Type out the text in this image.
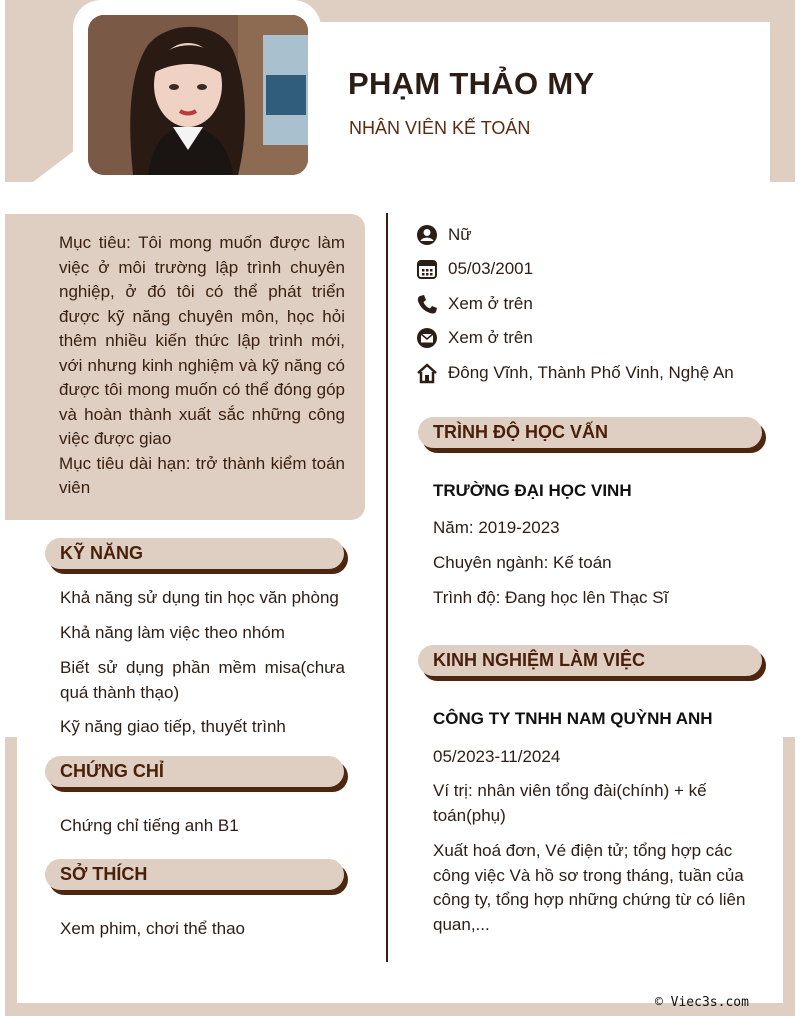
PHẠM THẢO MY

NHÂN VIÊN KẾ TOÁN

Mục tiêu: Tôi mong muốn được làm việc ở môi trường lập trình chuyên nghiệp, ở đó tôi có thể phát triển được kỹ năng chuyên môn, học hỏi thêm nhiều kiến thức lập trình mới, với nhưng kinh nghiệm và kỹ năng có được tôi mong muốn có thể đóng góp và hoàn thành xuất sắc những công việc được giao

Mục tiêu dài hạn: trở thành kiểm toán viên

Nữ
05/03/2001
Xem ở trên
Xem ở trên
Đông Vĩnh, Thành Phố Vinh, Nghệ An
TRÌNH ĐỘ HỌC VẤN

TRƯỜNG ĐẠI HỌC VINH

Năm: 2019-2023

Chuyên ngành: Kế toán

Trình độ: Đang học lên Thạc Sĩ

KINH NGHIỆM LÀM VIỆC

CÔNG TY TNHH NAM QUỲNH ANH

05/2023-11/2024

Ví trị: nhân viên tổng đài(chính) + kế toán(phụ)

Xuất hoá đơn, Vé điện tử; tổng hợp các công việc Và hồ sơ trong tháng, tuần của công ty, tổng hợp những chứng từ có liên quan,...

KỸ NĂNG

Khả năng sử dụng tin học văn phòng

Khả năng làm việc theo nhóm

Biết sử dụng phần mềm misa(chưa quá thành thạo)

Kỹ năng giao tiếp, thuyết trình

CHỨNG CHỈ

Chứng chỉ tiếng anh B1

SỞ THÍCH

Xem phim, chơi thể thao

© Viec3s.com
